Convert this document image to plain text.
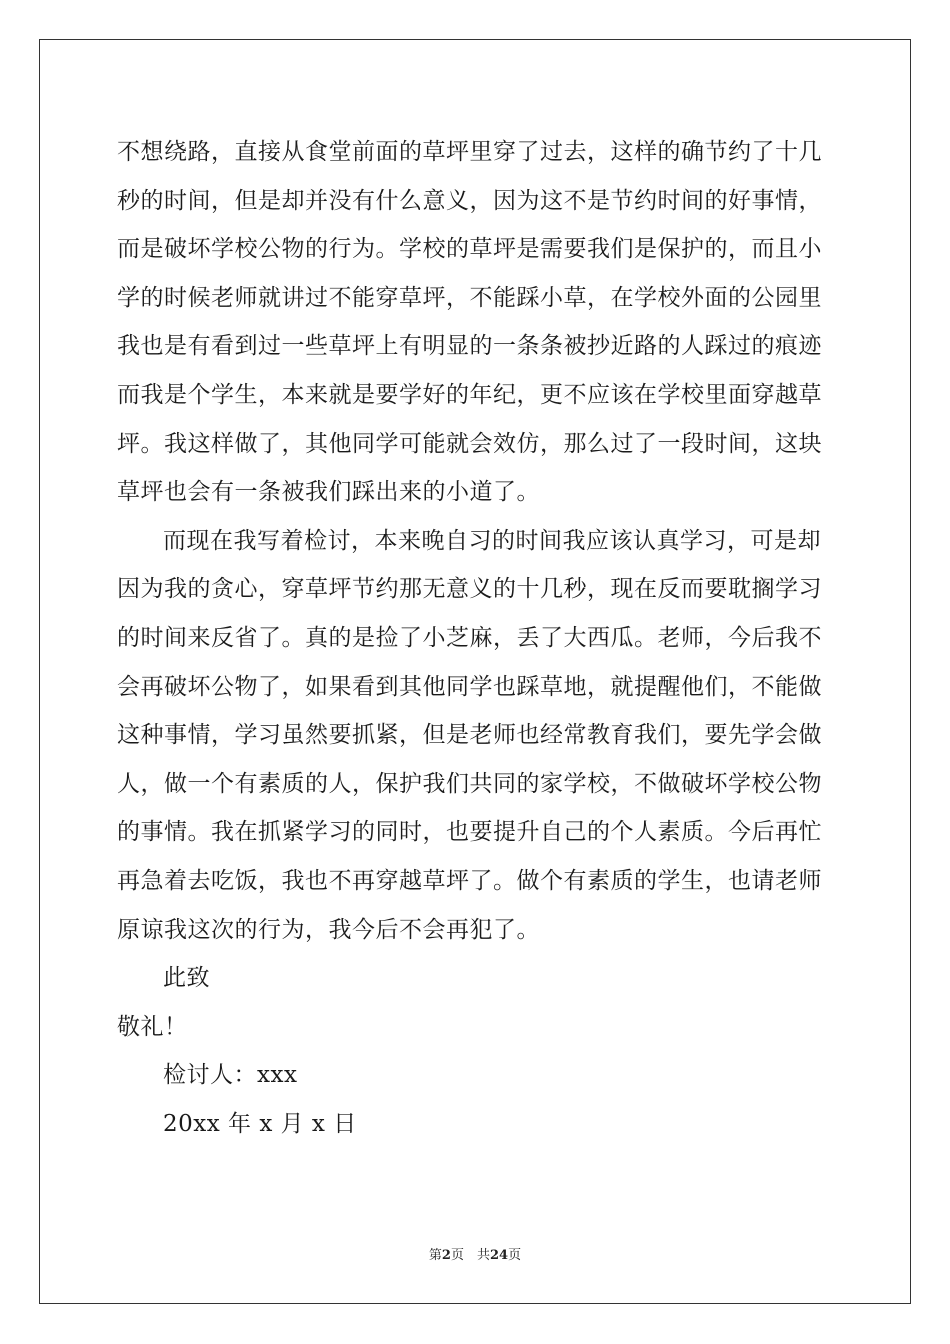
不想绕路，直接从食堂前面的草坪里穿了过去，这样的确节约了十几
秒的时间，但是却并没有什么意义，因为这不是节约时间的好事情，
而是破坏学校公物的行为。学校的草坪是需要我们是保护的，而且小
学的时候老师就讲过不能穿草坪，不能踩小草，在学校外面的公园里
我也是有看到过一些草坪上有明显的一条条被抄近路的人踩过的痕迹
而我是个学生，本来就是要学好的年纪，更不应该在学校里面穿越草
坪。我这样做了，其他同学可能就会效仿，那么过了一段时间，这块
草坪也会有一条被我们踩出来的小道了。
而现在我写着检讨，本来晚自习的时间我应该认真学习，可是却
因为我的贪心，穿草坪节约那无意义的十几秒，现在反而要耽搁学习
的时间来反省了。真的是捡了小芝麻，丢了大西瓜。老师，今后我不
会再破坏公物了，如果看到其他同学也踩草地，就提醒他们，不能做
这种事情，学习虽然要抓紧，但是老师也经常教育我们，要先学会做
人，做一个有素质的人，保护我们共同的家学校，不做破坏学校公物
的事情。我在抓紧学习的同时，也要提升自己的个人素质。今后再忙
再急着去吃饭，我也不再穿越草坪了。做个有素质的学生，也请老师
原谅我这次的行为，我今后不会再犯了。
此致
敬礼！
检讨人：xxx
20xx 年 x 月 x 日
第2页　共24页
